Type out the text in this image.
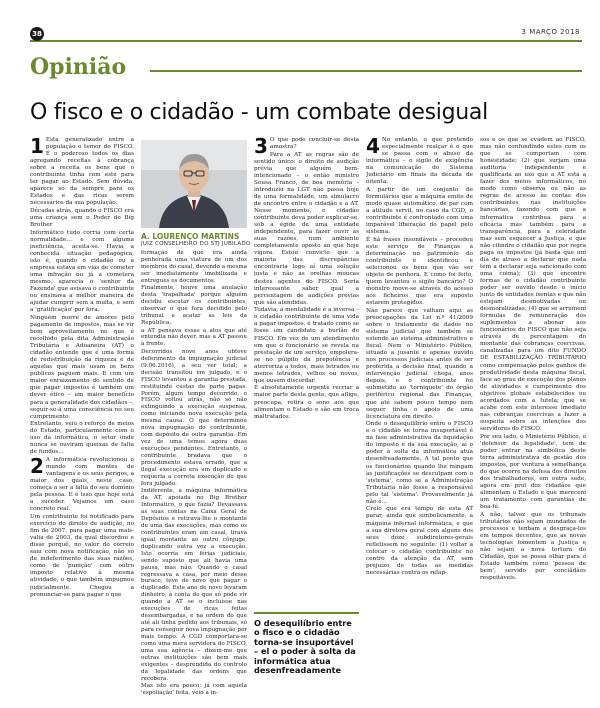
38	3 MARÇO 2018
Opinião
O fisco e o cidadão - um combate desigual

1 Está generalizado entre a população o temor do FISCO. É o poderoso todos os dias agregando receitas à cobrança sobre a receita os bens que o contribuinte tinha com este para ter pagar ao Estado. Sem dúvida, aparece só da sempre para os Estados e das ricas serem necessários da sua população.

Décadas atrás, quando o FISCO era uma criança sem o Poder do Big Brother

Informático tudo corria com certa normalidade… e com alguma ineficiência, aceita-se. Havia a conhecida situação pedagógica, isto é, quando o cidadão ou a empresa estava em vias de cometer uma infração ou já a cometera mesmo, aparecia o 'senhor da Fazenda' que avisava o contribuinte ou ensinava a melhor maneira de ajudar cumprir sem a multa, e sem a 'gratificação' por fora.

Ninguém morre de amores pelo pagamento de impostos, mas se vir bom aproveitamento no que é recolhido pela dita Administração Tributária e Aduaneira (AT) o cidadão entende que é uma forma de redistribuição da riqueza e de aquelas que mais usam os bens públicos paguem mais. E com um maior enraizamento do sentido de que pagar impostos é também um dever ético – um maior benefício para a generalidade dos cidadãos –, seguir-se-á uma consciência no seu cumprimento.

Entretanto, veio o reforço de meios do Estado, particularmente com o uso da informática, o setor onde nunca se ouviram queixas de falta de fundos…

2 A informática revolucionou o mundo com montes de vantagens e os seus perigos, a maior dos quais, neste caso, começa a ser a falta do seu domínio pela pessoa. E é isso que hoje está a suceder. Vejamos um caso concreto real.

Um contribuinte foi notificado para exercício do direito de audição, no fim de 2007, para pagar uma mais-valia de 2003, da qual discordou e disse porquê, no valor do correio saiu com nova notificação, não só de indeferimento das suas razões, como de 'punição' com outro imposto relativo à mesma atividade, o que também impugnou judicialmente. Chegou a pronunciar-se para pagar o que

A. LOURENÇO MARTINS
JUIZ CONSELHEIRO DO STJ JUBILADO

formação de que era ainda penhorada uma viatura de um dos membros do casal, devendo a mesma ser imediatamente imobilizada e entregues os documentos.

Finalmente, houve uma anulação desta 'trapalhada' porque alguém decidiu escutar os contribuintes, observar o que fora decidido pelo tribunal e acatar as leis da República.

a AT pensava essas a atos que até entendia não dever, mas a AT passou à frente.

Decorridos nove anos obteve deferimento da impugnação judicial (9.06.2016), a seu ver total; a decisão transitou em julgado, e o FISCO levantou a garantia prestada, restituindo custas de parte pagas. Porém, algum tempo decorrido, o FISCO voltou atrás, não só não extinguindo a execução suspensa, como iniciando nova execução pela mesma causa. O que determinou nova impugnação do contribuinte, com depósito de outra garantia. Em vez de uma temos agora duas execuções pendentes. Entretanto, o contribuinte bradava que o procedimento estava errado, que a ilegal execução era um duplicado e requeria a correta execução do que fora julgado.

Indiferente, a máquina informática da AT, apoiada no Big Brother Informático, o que fazia? Devassava as suas contas na Caixa Geral de Depósitos e retirava-lhe o montante de uma das execuções, mas como os contribuintes eram um casal, tirava igual montante ao outro cônjuge, duplicando outra vez a execução. Isto ocorria em férias judiciais, sendo suposto que ali havia uma pausa, mas não. Quando o casal regressava a casa, por meio desse buraco, teve de novo que pagar o duplicado. Este ano de novo levaram dinheiro, à conta do que só pode vir quando a AT se o incluísse nas execuções de ricas feitas desembargadas, e na ordem do que até ali tinha pedido aos tribunais, só para conseguir nova impugnação por mais tempo. A CGD comportara-se como uma mera servidora do FISCO, uma sua agência – dizem-me que outras instituições são bem mais exigentes – desprendida do controlo da legalidade das ordens que recebera.

Mas isto era pouco: já com aquela 'espoliação' feita, veio a in-

3 O que pode concluir-se desta amostra?

Para a AT as regras são de sentido único: o direito de audição prévia que alguém bem-intencionado – o então ministro Sousa Franco, de boa memória – introduziu na LGT não passa hoje de uma formalidade, um simulacro de encontro entre o cidadão e a AT. Nesse momento, o cidadão contribuinte deva poder explicar-se, sob a égide de uma entidade independente, para fazer ouvir as suas razões, num ambiente completamente oposto ao que hoje vigora. Estou convicto que a maioria das discrepâncias encontraria logo aí uma solução justa e não as orelhas moucas destes agentes do FISCO. Seria interessante saber qual a percentagem de audições prévias que são atendidas.

Todavia, a mentalidade é a inversa – o cidadão contribuinte de uma vida a pagar impostos, é tratado como se fosse um candidato a burlão do FISCO. Em vez de um atendimento em que o funcionário se revela na prestação de um serviço, empolera-se no púlpito da prepotência e aterroriza a todos, mais letrados ou menos letrados, velhos ou novos, que ousem discordar.

É absolutamente urgente recriar a maior parte desta gente, que aflige, preocupa, retira o sono aos que alimentam o Estado e são em troca maltratados.

O desequilíbrio entre o fisco e o cidadão torna-se insuportável – el o poder à solta da informática atua desenfreadamente

4 No entanto, o que pretendo especialmente realçar é o que se passa com o abuso da informática – o sigilo de exigência na comunicação do Sistema Judiciário em finais da década de oitenta.

A partir de um conjunto de formulários que a máquina emite de modo quase automático, de par com a atitude servil, no caso da CGD, o contribuinte é confrontado com uma imparável liberação do papel pelo sistema.

É há frases insondáveis – procedeu este serviço de Finanças à determinação no património do contribuinte e identificou e selecionou os bens que vão ser objeto de penhora. E como foi feito, quem levantou o sigilo bancário? O monstro move-se através do acesso aos ficheiros que era suposto estarem protegidos.

Não parece que valham aqui as preocupações da Lei n.º 41/2009 sobre o tratamento de dados no sistema judicial que também se estende ao sistema administrativo e fiscal. Nem o Ministério Público, situado a jusante e apenas ouvido nos processos judiciais antes de ser proferida a decisão final, quando a intervenção judicial chega, anos depois, e o contribuinte foi submetido ao 'torniquete' do órgão periférico regional das Finanças, que até sabem pouco tempo nem sequer tinha o apoio de uma licenciatura em direito.

Onde o desequilíbrio entre o FISCO e o cidadão se torna insuportável é na fase administrativa da liquidação do imposto e da sua execução, aí o poder à solta da informática atua desenfreadamente. A tal ponto que os funcionários quando lhe mingam as justificações se desculpam com o 'sistema', como se a Administração Tributária não fosse a responsável pelo tal 'sistema'. Provavelmente já não é…

Creio que era tempo de esta AT parar, ainda que simbolicamente, a máquina infernal informática, e que a sua diretora geral com alguns dos seus doze subdiretores-gerais refletissem no seguinte: (1) voltar a colocar o cidadão contribuinte no centro da atenção da AT, sem prejuízo de todas as medidas necessárias contra os relap-

sos e os que se evadem ao FISCO, mas não confundindo estes com os que se comportam com honestidade; (2) que surjam uma auditoria independente e qualificada ao uso que a AT está a fazer dos meios informáticos, no modo como observa ou não as regras de acesso às contas dos contribuintes nas instituições bancárias, fazendo com que a informática contribua para a eficácia mas também para a transparência, para a celeridade mas sem esquecer a Justiça, e que não cilindre o cidadão que por regra paga os impostos (já basta que um dia de atraso a declarar que nada tem a declarar seja sancionado com uma coima); (3) que encontre formas de o cidadão contribuinte poder ser ouvido desde o início junto de entidades isentas e que não estejam desmotivadas ou desmoralizadas; (4) que se arrumem formulas de remuneração dos suplementos a abonar aos funcionários do FISCO que não seja através de percentagem do montante das cobranças coercivas, canalizadas para um dito FUNDO DE ESTABILIZAÇÃO TRIBUTÁRIO como compensação pelos ganhos de produtividade desta máquina fiscal, face ao grau de execução dos planos de atividades e cumprimento dos objetivos globais estabelecidos ou acordados com a tutela; que se acabe com este interesse imediato nas cobranças coercivas a fazer a suspeita sobre as intenções dos servidores do FISCO.

Por seu lado, o Ministério Público, o 'defensor da legalidade', tem de poder entrar na simbólica deste terra administrativa de gestão dos impostos, por ventura à semelhança do que ocorre na defesa dos direitos dos trabalhadores, em outra sede, agora em prol dos cidadãos que alimentam o Estado e que merecem um tratamento com garantias de boa-fé.

A não, talvez que os tribunais tributários não sejam inundados de processos e tenham a desgraça-los em tempos decentes, que as novas tecnologias fomentem a Justiça e não sejam a nova tortura do Cidadão, que se possa olhar para o Estado também como 'pessoa de bem', servido por conciâdãos respeitáveis.
